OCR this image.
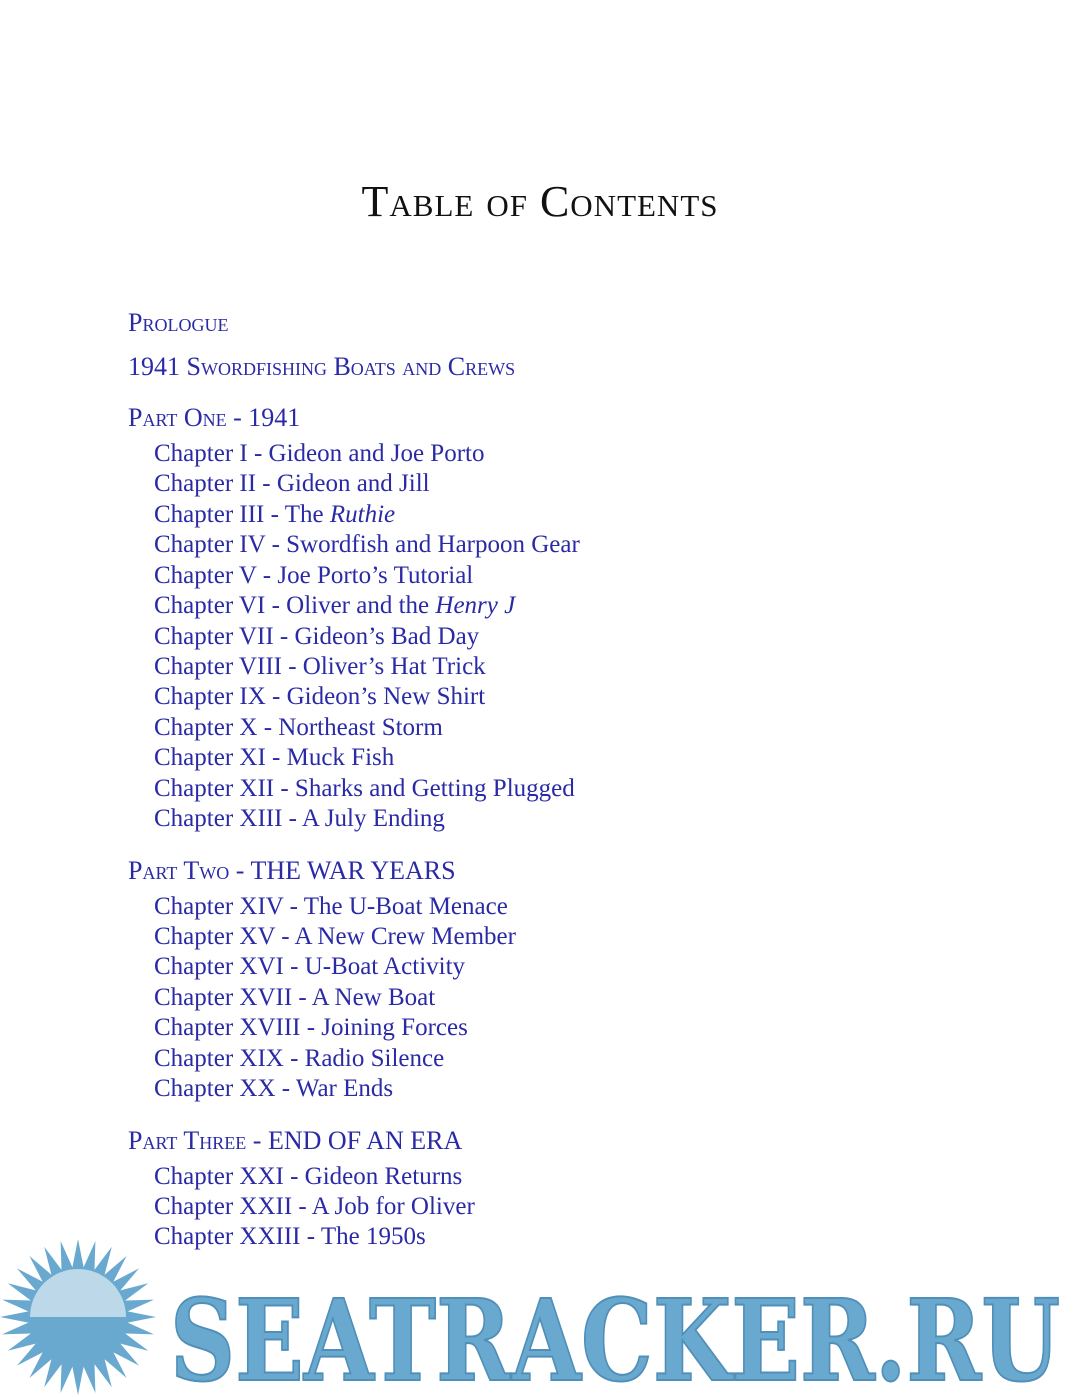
Table of Contents
Prologue
1941 Swordfishing Boats and Crews
Part One - 1941
Chapter I - Gideon and Joe Porto
Chapter II - Gideon and Jill
Chapter III - The Ruthie
Chapter IV - Swordfish and Harpoon Gear
Chapter V - Joe Porto’s Tutorial
Chapter VI - Oliver and the Henry J
Chapter VII - Gideon’s Bad Day
Chapter VIII - Oliver’s Hat Trick
Chapter IX - Gideon’s New Shirt
Chapter X - Northeast Storm
Chapter XI - Muck Fish
Chapter XII - Sharks and Getting Plugged
Chapter XIII - A July Ending
Part Two - THE WAR YEARS
Chapter XIV - The U-Boat Menace
Chapter XV - A New Crew Member
Chapter XVI - U-Boat Activity
Chapter XVII - A New Boat
Chapter XVIII - Joining Forces
Chapter XIX - Radio Silence
Chapter XX - War Ends
Part Three - END OF AN ERA
Chapter XXI - Gideon Returns
Chapter XXII - A Job for Oliver
Chapter XXIII - The 1950s
SEATRACKER.RU
